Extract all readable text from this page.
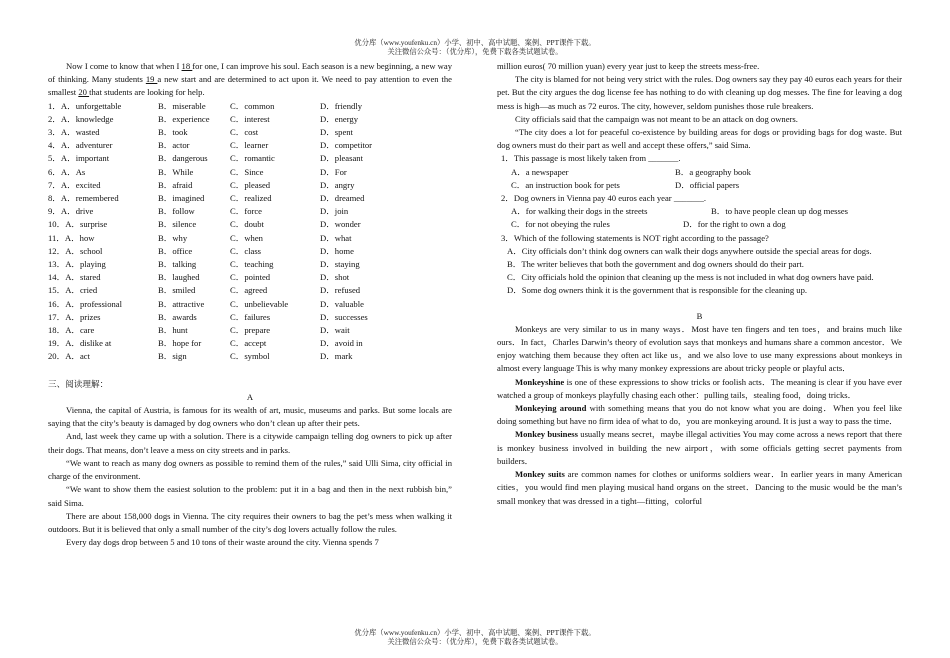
优分库（www.youfenku.cn）小学、初中、高中试题、案例、PPT课件下载。
关注微信公众号：（优分库），免费下载各类试题试卷。

Now I come to know that when I 18 for one, I can improve his soul. Each season is a new beginning, a new way of thinking. Many students 19 a new start and are determined to act upon it. We need to pay attention to even the smallest 20 that students are looking for help.

1．A．unforgettable	B．miserable	C．common	D．friendly
2．A．knowledge	B．experience	C．interest	D．energy
3．A．wasted	B．took	C．cost	D．spent
4．A．adventurer	B．actor	C．learner	D．competitor
5．A．important	B．dangerous	C．romantic	D．pleasant
6．A．As	B．While	C．Since	D．For
7．A．excited	B．afraid	C．pleased	D．angry
8．A．remembered	B．imagined	C．realized	D．dreamed
9．A．drive	B．follow	C．force	D．join
10．A．surprise	B．silence	C．doubt	D．wonder
11．A．how	B．why	C．when	D．what
12．A．school	B．office	C．class	D．home
13．A．playing	B．talking	C．teaching	D．staying
14．A．stared	B．laughed	C．pointed	D．shot
15．A．cried	B．smiled	C．agreed	D．refused
16．A．professional	B．attractive	C．unbelievable	D．valuable
17．A．prizes	B．awards	C．failures	D．successes
18．A．care	B．hunt	C．prepare	D．wait
19．A．dislike at	B．hope for	C．accept	D．avoid in
20．A．act	B．sign	C．symbol	D．mark

三、阅读理解：

A

Vienna, the capital of Austria, is famous for its wealth of art, music, museums and parks. But some locals are saying that the city’s beauty is damaged by dog owners who don’t clean up after their pets.

And, last week they came up with a solution. There is a citywide campaign telling dog owners to pick up after their dogs. That means, don’t leave a mess on city streets and in parks.

“We want to reach as many dog owners as possible to remind them of the rules,” said Ulli Sima, city official in charge of the environment.

“We want to show them the easiest solution to the problem: put it in a bag and then in the next rubbish bin,” said Sima.

There are about 158,000 dogs in Vienna. The city requires their owners to bag the pet’s mess when walking it outdoors. But it is believed that only a small number of the city’s dog lovers actually follow the rules.

Every day dogs drop between 5 and 10 tons of their waste around the city. Vienna spends 7

million euros( 70 million yuan) every year just to keep the streets mess-free.

The city is blamed for not being very strict with the rules. Dog owners say they pay 40 euros each years for their pet. But the city argues the dog license fee has nothing to do with cleaning up dog messes. The fine for leaving a dog mess is high—as much as 72 euros. The city, however, seldom punishes those rule breakers.

City officials said that the campaign was not meant to be an attack on dog owners.

“The city does a lot for peaceful co-existence by building areas for dogs or providing bags for dog waste. But dog owners must do their part as well and accept these offers,” said Sima.

1．This passage is most likely taken from _______.

A．a newspaper	B．a geography book
C．an instruction book for pets	D．official papers

2．Dog owners in Vienna pay 40 euros each year _______.

A．for walking their dogs in the streets	B．to have people clean up dog messes
C．for not obeying the rules	D．for the right to own a dog

3．Which of the following statements is NOT right according to the passage?

A．City officials don’t think dog owners can walk their dogs anywhere outside the special areas for dogs.

B．The writer believes that both the government and dog owners should do their part.

C．City officials hold the opinion that cleaning up the mess is not included in what dog owners have paid.

D．Some dog owners think it is the government that is responsible for the cleaning up.

B

Monkeys are very similar to us in many ways．Most have ten fingers and ten toes，and brains much like ours．In fact，Charles Darwin’s theory of evolution says that monkeys and humans share a common ancestor．We enjoy watching them because they often act like us，and we also love to use many expressions about monkeys in almost every language This is why many monkey expressions are about tricky people or playful acts．

Monkeyshine is one of these expressions to show tricks or foolish acts．The meaning is clear if you have ever watched a group of monkeys playfully chasing each other：pulling tails，stealing food，doing tricks．

Monkeying around with something means that you do not know what you are doing．When you feel like doing something but have no firm idea of what to do，you are monkeying around. It is just a way to pass the time．

Monkey business usually means secret，maybe illegal activities You may come across a news report that there is monkey business involved in building the new airport，with some officials getting secret payments from builders．

Monkey suits are common names for clothes or uniforms soldiers wear．In earlier years in many American cities，you would find men playing musical hand organs on the street．Dancing to the music would be the man’s small monkey that was dressed in a tight—fitting，colorful

优分库（www.youfenku.cn）小学、初中、高中试题、案例、PPT课件下载。
关注微信公众号：（优分库），免费下载各类试题试卷。
